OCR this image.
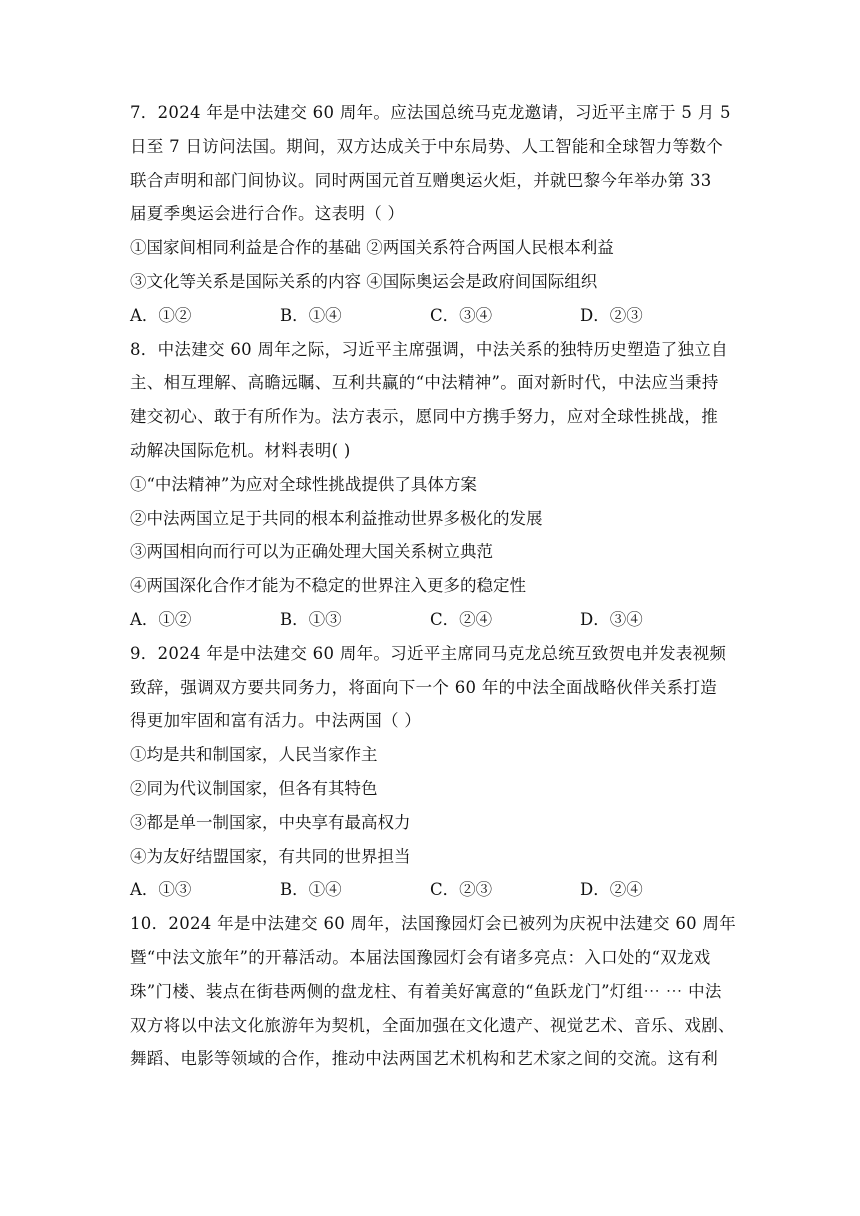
7．2024 年是中法建交 60 周年。应法国总统马克龙邀请，习近平主席于 5 月 5
日至 7 日访问法国。期间，双方达成关于中东局势、人工智能和全球智力等数个
联合声明和部门间协议。同时两国元首互赠奥运火炬，并就巴黎今年举办第 33
届夏季奥运会进行合作。这表明（ ）
①国家间相同利益是合作的基础 ②两国关系符合两国人民根本利益
③文化等关系是国际关系的内容 ④国际奥运会是政府间国际组织
A．①②	B．①④	C．③④	D．②③
8．中法建交 60 周年之际，习近平主席强调，中法关系的独特历史塑造了独立自
主、相互理解、高瞻远瞩、互利共赢的“中法精神”。面对新时代，中法应当秉持
建交初心、敢于有所作为。法方表示，愿同中方携手努力，应对全球性挑战，推
动解决国际危机。材料表明( )
①“中法精神”为应对全球性挑战提供了具体方案
②中法两国立足于共同的根本利益推动世界多极化的发展
③两国相向而行可以为正确处理大国关系树立典范
④两国深化合作才能为不稳定的世界注入更多的稳定性
A．①②	B．①③	C．②④	D．③④
9．2024 年是中法建交 60 周年。习近平主席同马克龙总统互致贺电并发表视频
致辞，强调双方要共同务力，将面向下一个 60 年的中法全面战略伙伴关系打造
得更加牢固和富有活力。中法两国（ ）
①均是共和制国家，人民当家作主
②同为代议制国家，但各有其特色
③都是单一制国家，中央享有最高权力
④为友好结盟国家，有共同的世界担当
A．①③	B．①④	C．②③	D．②④
10．2024 年是中法建交 60 周年，法国豫园灯会已被列为庆祝中法建交 60 周年
暨“中法文旅年”的开幕活动。本届法国豫园灯会有诸多亮点：入口处的“双龙戏
珠”门楼、装点在街巷两侧的盘龙柱、有着美好寓意的“鱼跃龙门”灯组⋯ ⋯ 中法
双方将以中法文化旅游年为契机，全面加强在文化遗产、视觉艺术、音乐、戏剧、
舞蹈、电影等领域的合作，推动中法两国艺术机构和艺术家之间的交流。这有利
